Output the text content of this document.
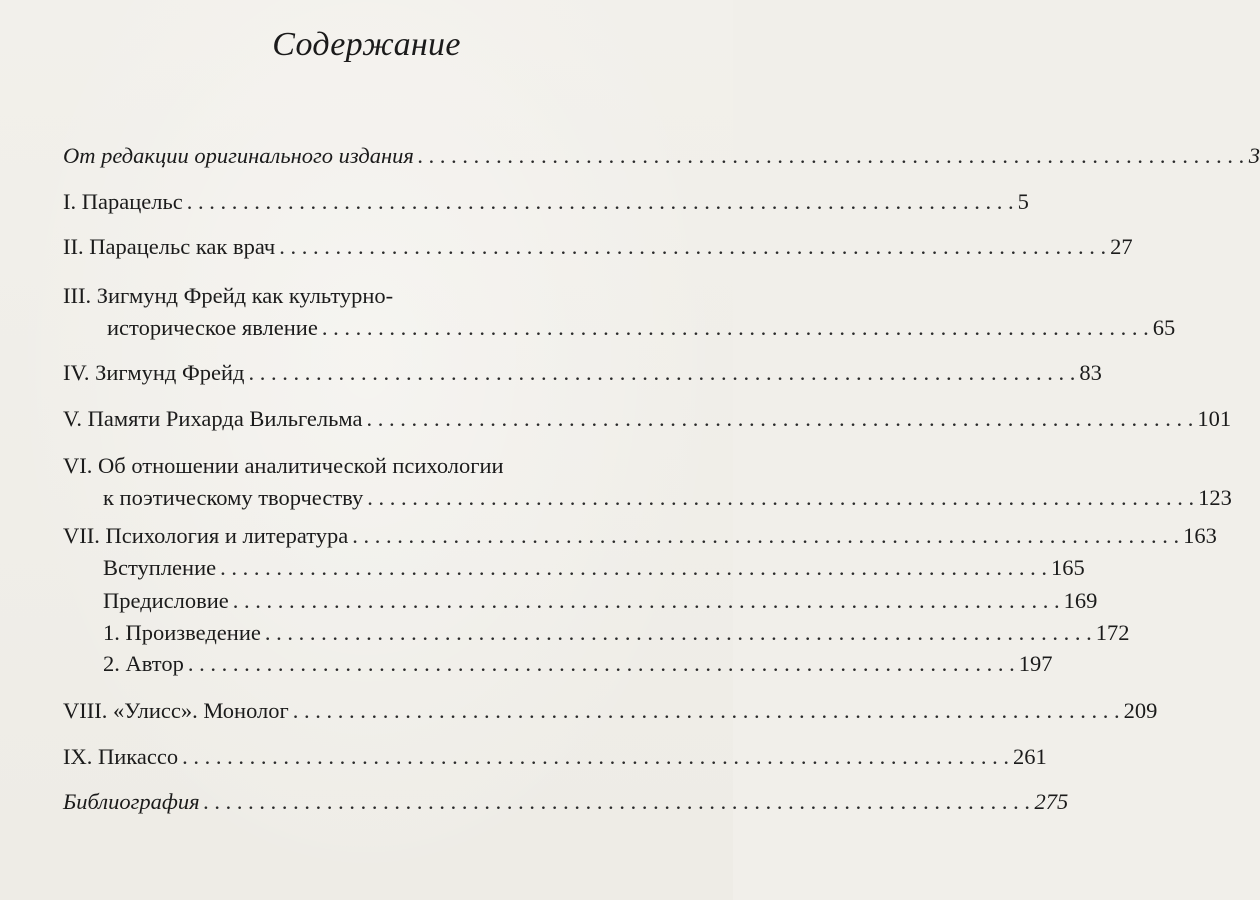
Содержание
От редакции оригинального издания . . .	3
I. Парацельс . . .	5
II. Парацельс как врач . . .	27
III. Зигмунд Фрейд как культурно-
историческое явление . . .	65
IV. Зигмунд Фрейд . . .	83
V. Памяти Рихарда Вильгельма . . .	101
VI. Об отношении аналитической психологии
к поэтическому творчеству . . .	123
VII. Психология и литература . . .	163
Вступление . . .	165
Предисловие . . .	169
1. Произведение . . .	172
2. Автор . . .	197
VIII. «Улисс». Монолог . . .	209
IX. Пикассо . . .	261
Библиография . . .	275
